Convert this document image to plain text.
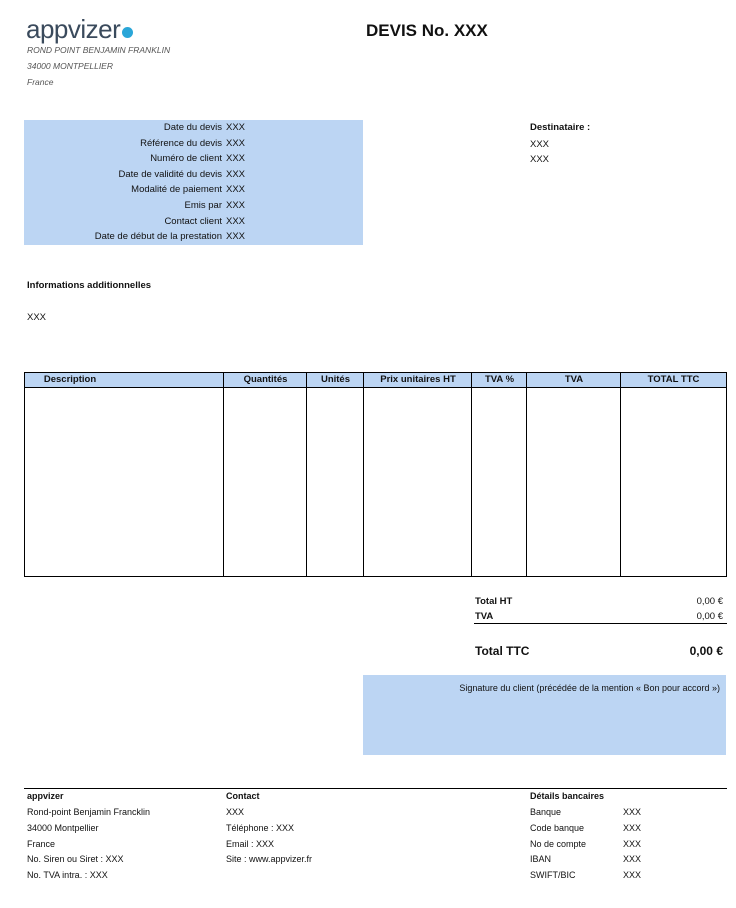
appvizer
ROND POINT BENJAMIN FRANKLIN
34000 MONTPELLIER
France
DEVIS No. XXX
Date du devis XXX
Référence du devis XXX
Numéro de client XXX
Date de validité du devis XXX
Modalité de paiement XXX
Emis par XXX
Contact client XXX
Date de début de la prestation XXX
Destinataire :
XXX
XXX
Informations additionnelles
XXX
Description	Quantités	Unités	Prix unitaires HT	TVA %	TVA	TOTAL TTC
Total HT	0,00 €
TVA	0,00 €
Total TTC	0,00 €
Signature du client (précédée de la mention « Bon pour accord »)
appvizer
Rond-point Benjamin Francklin
34000 Montpellier
France
No. Siren ou Siret : XXX
No. TVA intra. : XXX
Contact
XXX
Téléphone : XXX
Email : XXX
Site : www.appvizer.fr
Détails bancaires
Banque	XXX
Code banque	XXX
No de compte	XXX
IBAN	XXX
SWIFT/BIC	XXX
